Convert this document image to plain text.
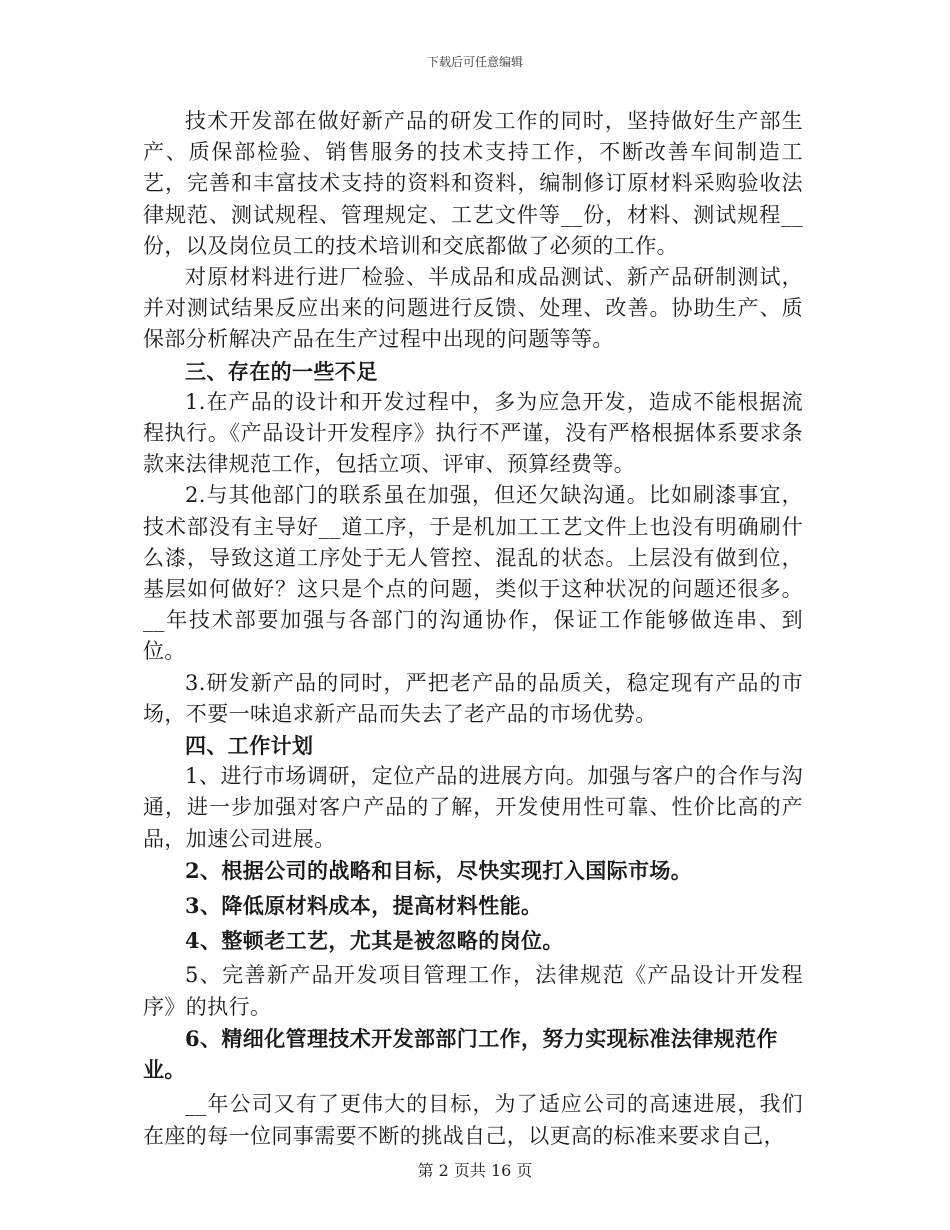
下载后可任意编辑

技术开发部在做好新产品的研发工作的同时，坚持做好生产部生产、质保部检验、销售服务的技术支持工作，不断改善车间制造工艺，完善和丰富技术支持的资料和资料，编制修订原材料采购验收法律规范、测试规程、管理规定、工艺文件等__份，材料、测试规程__份，以及岗位员工的技术培训和交底都做了必须的工作。

对原材料进行进厂检验、半成品和成品测试、新产品研制测试，并对测试结果反应出来的问题进行反馈、处理、改善。协助生产、质保部分析解决产品在生产过程中出现的问题等等。

三、存在的一些不足

1.在产品的设计和开发过程中，多为应急开发，造成不能根据流程执行。《产品设计开发程序》执行不严谨，没有严格根据体系要求条款来法律规范工作，包括立项、评审、预算经费等。

2.与其他部门的联系虽在加强，但还欠缺沟通。比如刷漆事宜，技术部没有主导好__道工序，于是机加工工艺文件上也没有明确刷什么漆，导致这道工序处于无人管控、混乱的状态。上层没有做到位，基层如何做好？这只是个点的问题，类似于这种状况的问题还很多。__年技术部要加强与各部门的沟通协作，保证工作能够做连串、到位。

3.研发新产品的同时，严把老产品的品质关，稳定现有产品的市场，不要一味追求新产品而失去了老产品的市场优势。

四、工作计划

1、进行市场调研，定位产品的进展方向。加强与客户的合作与沟通，进一步加强对客户产品的了解，开发使用性可靠、性价比高的产品，加速公司进展。

2、根据公司的战略和目标，尽快实现打入国际市场。

3、降低原材料成本，提高材料性能。

4、整顿老工艺，尤其是被忽略的岗位。

5、完善新产品开发项目管理工作，法律规范《产品设计开发程序》的执行。

6、精细化管理技术开发部部门工作，努力实现标准法律规范作业。

__年公司又有了更伟大的目标，为了适应公司的高速进展，我们在座的每一位同事需要不断的挑战自己，以更高的标准来要求自己，

第 2 页共 16 页
